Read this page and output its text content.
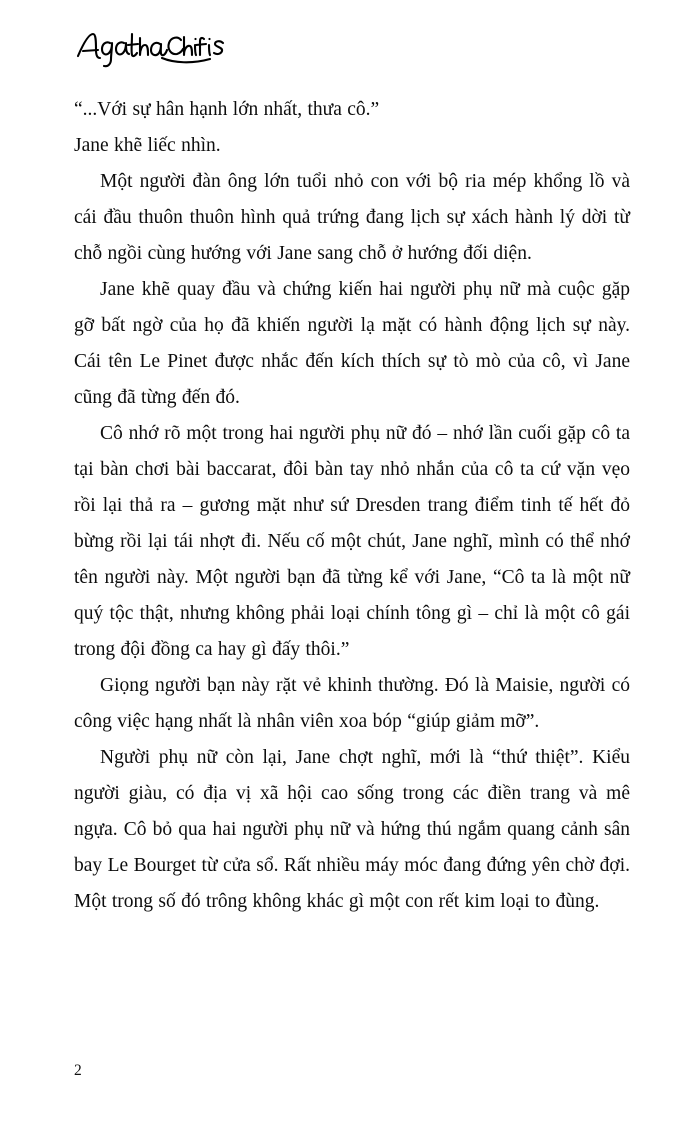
“...Với sự hân hạnh lớn nhất, thưa cô.”

Jane khẽ liếc nhìn.

Một người đàn ông lớn tuổi nhỏ con với bộ ria mép khổng lồ và cái đầu thuôn thuôn hình quả trứng đang lịch sự xách hành lý dời từ chỗ ngồi cùng hướng với Jane sang chỗ ở hướng đối diện.

Jane khẽ quay đầu và chứng kiến hai người phụ nữ mà cuộc gặp gỡ bất ngờ của họ đã khiến người lạ mặt có hành động lịch sự này. Cái tên Le Pinet được nhắc đến kích thích sự tò mò của cô, vì Jane cũng đã từng đến đó.

Cô nhớ rõ một trong hai người phụ nữ đó – nhớ lần cuối gặp cô ta tại bàn chơi bài baccarat, đôi bàn tay nhỏ nhắn của cô ta cứ vặn vẹo rồi lại thả ra – gương mặt như sứ Dresden trang điểm tinh tế hết đỏ bừng rồi lại tái nhợt đi. Nếu cố một chút, Jane nghĩ, mình có thể nhớ tên người này. Một người bạn đã từng kể với Jane, “Cô ta là một nữ quý tộc thật, nhưng không phải loại chính tông gì – chỉ là một cô gái trong đội đồng ca hay gì đấy thôi.”

Giọng người bạn này rặt vẻ khinh thường. Đó là Maisie, người có công việc hạng nhất là nhân viên xoa bóp “giúp giảm mỡ”.

Người phụ nữ còn lại, Jane chợt nghĩ, mới là “thứ thiệt”. Kiểu người giàu, có địa vị xã hội cao sống trong các điền trang và mê ngựa. Cô bỏ qua hai người phụ nữ và hứng thú ngắm quang cảnh sân bay Le Bourget từ cửa sổ. Rất nhiều máy móc đang đứng yên chờ đợi. Một trong số đó trông không khác gì một con rết kim loại to đùng.

2
